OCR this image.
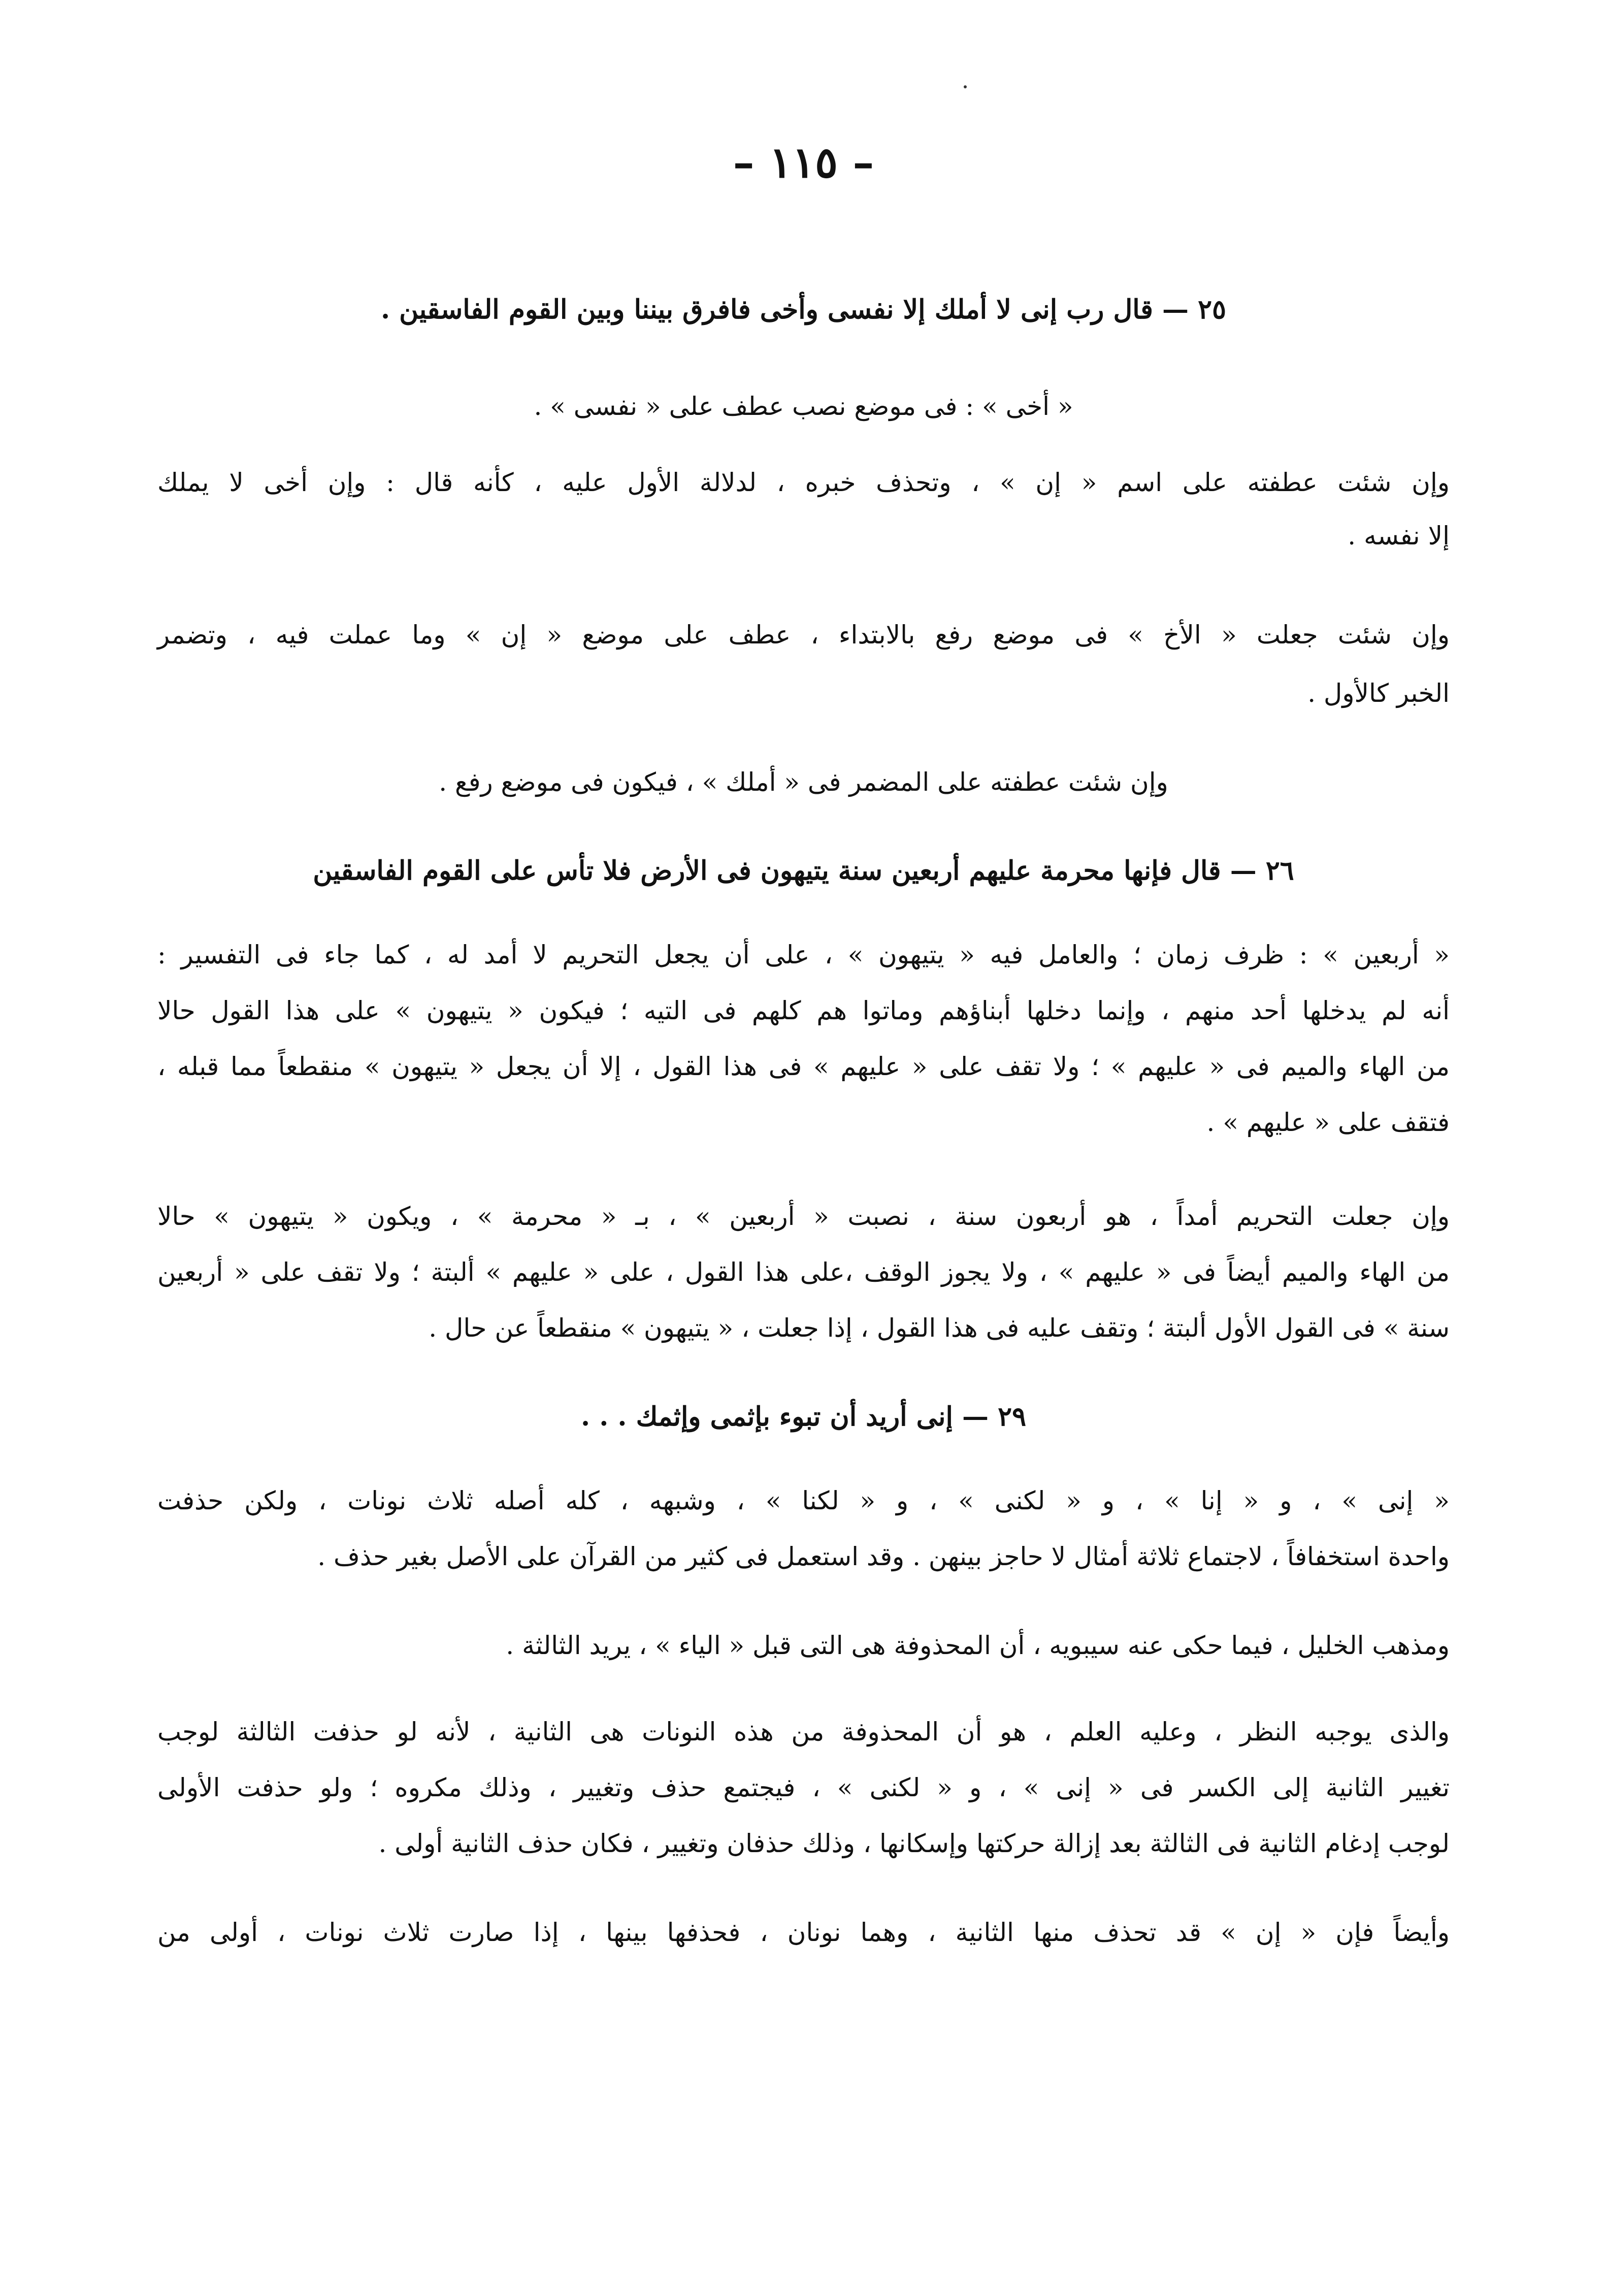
– ١١٥ –
٢٥ — قال رب إنى لا أملك إلا نفسى وأخى فافرق بيننا وبين القوم الفاسقين .
« أخى » : فى موضع نصب عطف على « نفسى » .
وإن شئت عطفته على اسم « إن » ، وتحذف خبره ، لدلالة الأول عليه ، كأنه قال : وإن أخى لا يملك
إلا نفسه .
وإن شئت جعلت « الأخ » فى موضع رفع بالابتداء ، عطف على موضع « إن » وما عملت فيه ، وتضمر
الخبر كالأول .
وإن شئت عطفته على المضمر فى « أملك » ، فيكون فى موضع رفع .
٢٦ — قال فإنها محرمة عليهم أربعين سنة يتيهون فى الأرض فلا تأس على القوم الفاسقين
« أربعين » : ظرف زمان ؛ والعامل فيه « يتيهون » ، على أن يجعل التحريم لا أمد له ، كما جاء فى التفسير :
أنه لم يدخلها أحد منهم ، وإنما دخلها أبناؤهم وماتوا هم كلهم فى التيه ؛ فيكون « يتيهون » على هذا القول حالا
من الهاء والميم فى « عليهم » ؛ ولا تقف على « عليهم » فى هذا القول ، إلا أن يجعل « يتيهون » منقطعاً مما قبله ،
فتقف على « عليهم » .
وإن جعلت التحريم أمداً ، هو أربعون سنة ، نصبت « أربعين » ، بـ « محرمة » ، ويكون « يتيهون » حالا
من الهاء والميم أيضاً فى « عليهم » ، ولا يجوز الوقف ،على هذا القول ، على « عليهم » ألبتة ؛ ولا تقف على « أربعين
سنة » فى القول الأول ألبتة ؛ وتقف عليه فى هذا القول ، إذا جعلت ، « يتيهون » منقطعاً عن حال .
٢٩ — إنى أريد أن تبوء بإثمى وإثمك . . .
« إنى » ، و « إنا » ، و « لكنى » ، و « لكنا » ، وشبهه ، كله أصله ثلاث نونات ، ولكن حذفت
واحدة استخفافاً ، لاجتماع ثلاثة أمثال لا حاجز بينهن . وقد استعمل فى كثير من القرآن على الأصل بغير حذف .
ومذهب الخليل ، فيما حكى عنه سيبويه ، أن المحذوفة هى التى قبل « الياء » ، يريد الثالثة .
والذى يوجبه النظر ، وعليه العلم ، هو أن المحذوفة من هذه النونات هى الثانية ، لأنه لو حذفت الثالثة لوجب
تغيير الثانية إلى الكسر فى « إنى » ، و « لكنى » ، فيجتمع حذف وتغيير ، وذلك مكروه ؛ ولو حذفت الأولى
لوجب إدغام الثانية فى الثالثة بعد إزالة حركتها وإسكانها ، وذلك حذفان وتغيير ، فكان حذف الثانية أولى .
وأيضاً فإن « إن » قد تحذف منها الثانية ، وهما نونان ، فحذفها بينها ، إذا صارت ثلاث نونات ، أولى من
